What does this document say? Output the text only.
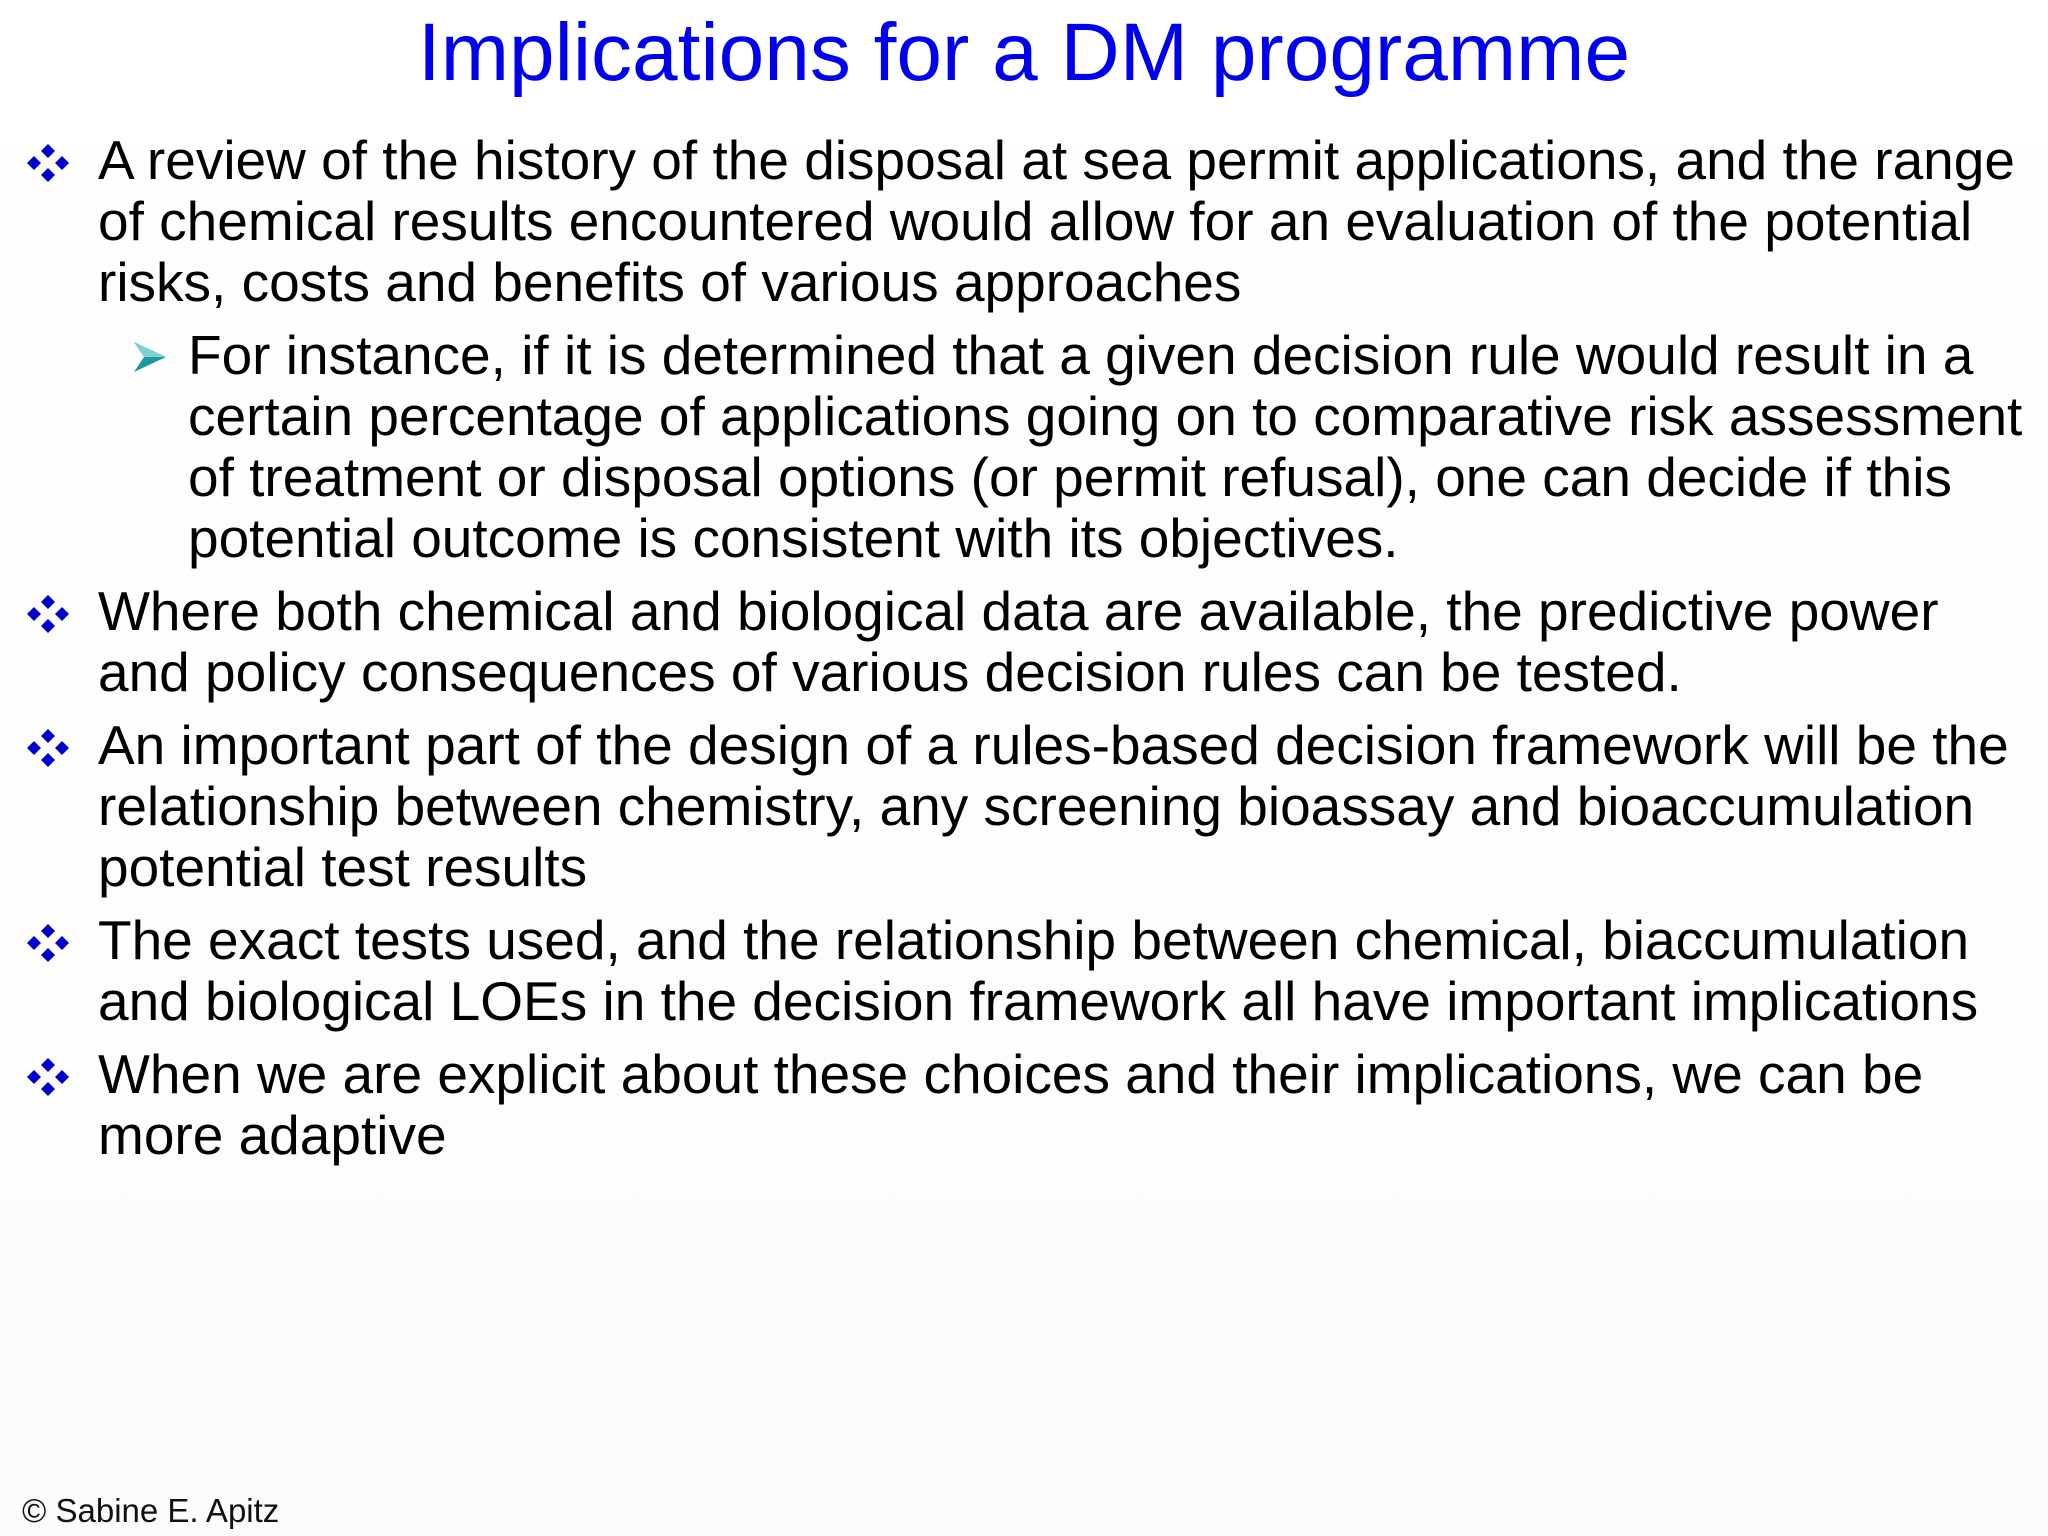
Implications for a DM programme
A review of the history of the disposal at sea permit applications, and the range of chemical results encountered would allow for an evaluation of the potential risks, costs and benefits of various approaches
For instance, if it is determined that a given decision rule would result in a certain percentage of applications going on to comparative risk assessment of treatment or disposal options (or permit refusal), one can decide if this potential outcome is consistent with its objectives.
Where both chemical and biological data are available, the predictive power and policy consequences of various decision rules can be tested.
An important part of the design of a rules-based decision framework will be the relationship between chemistry, any screening bioassay and bioaccumulation potential test results
The exact tests used, and the relationship between chemical, biaccumulation and biological LOEs in the decision framework all have important implications
When we are explicit about these choices and their implications, we can be more adaptive
© Sabine E. Apitz
